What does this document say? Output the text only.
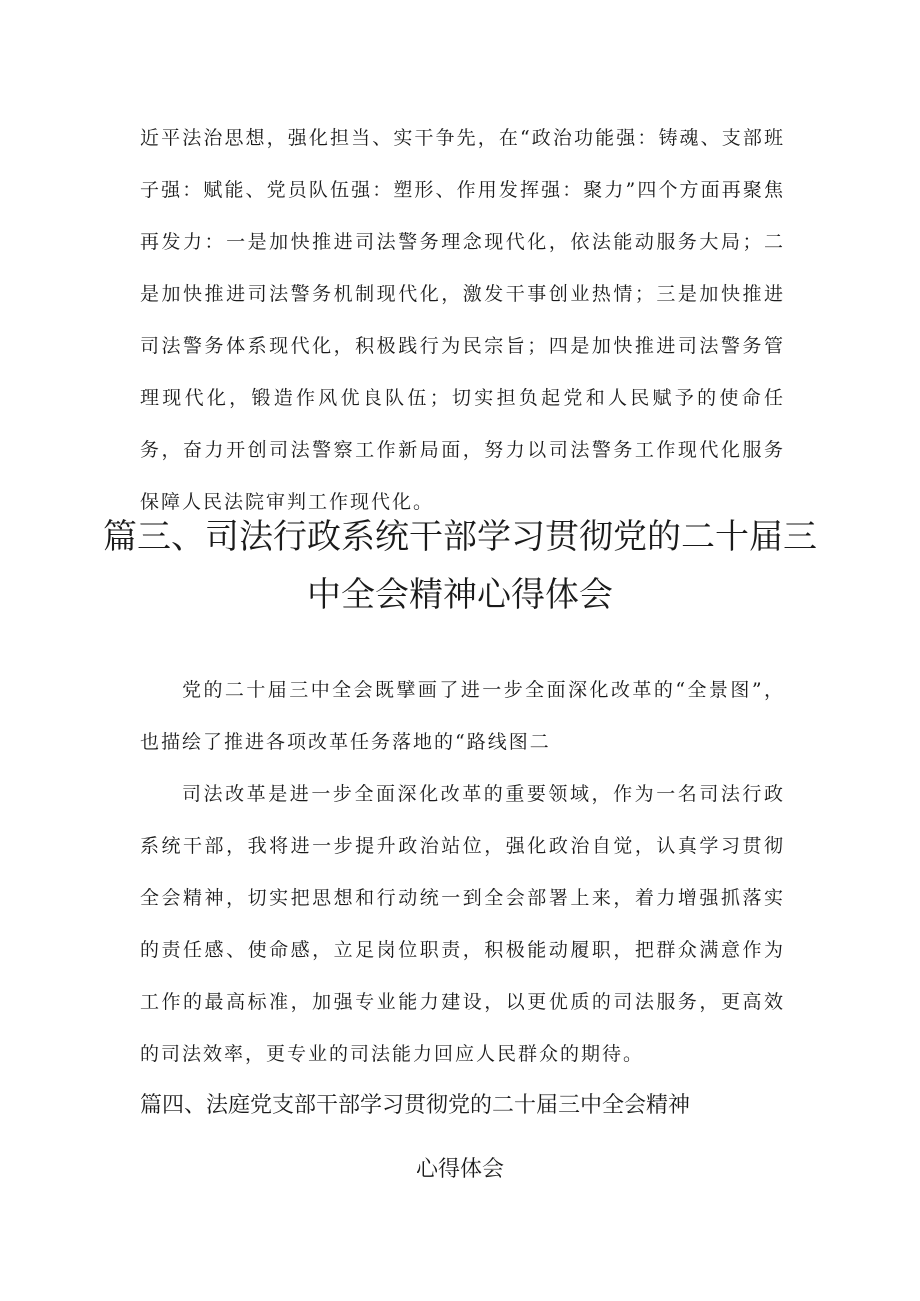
近平法治思想，强化担当、实干争先，在“政治功能强：铸魂、支部班子强：赋能、党员队伍强：塑形、作用发挥强：聚力”四个方面再聚焦再发力：一是加快推进司法警务理念现代化，依法能动服务大局；二是加快推进司法警务机制现代化，激发干事创业热情；三是加快推进司法警务体系现代化，积极践行为民宗旨；四是加快推进司法警务管理现代化，锻造作风优良队伍；切实担负起党和人民赋予的使命任务，奋力开创司法警察工作新局面，努力以司法警务工作现代化服务保障人民法院审判工作现代化。

篇三、司法行政系统干部学习贯彻党的二十届三中全会精神心得体会

党的二十届三中全会既擘画了进一步全面深化改革的“全景图”，也描绘了推进各项改革任务落地的“路线图二

司法改革是进一步全面深化改革的重要领域，作为一名司法行政系统干部，我将进一步提升政治站位，强化政治自觉，认真学习贯彻全会精神，切实把思想和行动统一到全会部署上来，着力增强抓落实的责任感、使命感，立足岗位职责，积极能动履职，把群众满意作为工作的最高标准，加强专业能力建设，以更优质的司法服务，更高效的司法效率，更专业的司法能力回应人民群众的期待。

篇四、法庭党支部干部学习贯彻党的二十届三中全会精神
心得体会
